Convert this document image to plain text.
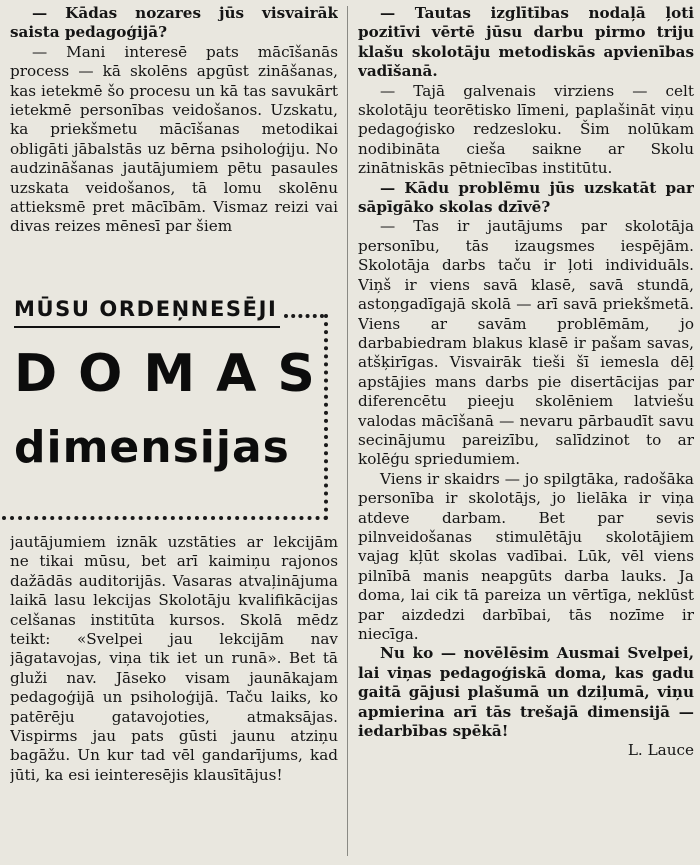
— Kādas nozares jūs visvairāk saista pedagoģijā?

— Mani interesē pats mācīšanās process — kā skolēns apgūst zināšanas, kas ietekmē šo procesu un kā tas savukārt ietekmē personības veidošanos. Uzskatu, ka priekšmetu mācīšanas metodikai obligāti jābalstās uz bērna psiholoģiju. No audzināšanas jautājumiem pētu pasaules uzskata veidošanos, tā lomu skolēnu attieksmē pret mācībām. Vismaz reizi vai divas reizes mēnesī par šiem

MŪSU ORDEŅNESĒJI
DOMAS
dimensijas

jautājumiem iznāk uzstāties ar lekcijām ne tikai mūsu, bet arī kaimiņu rajonos dažādās auditorijās. Vasaras atvaļinājuma laikā lasu lekcijas Skolotāju kvalifikācijas celšanas institūta kursos. Skolā mēdz teikt: «Svelpei jau lekcijām nav jāgatavojas, viņa tik iet un runā». Bet tā gluži nav. Jāseko visam jaunākajam pedagoģijā un psiholoģijā. Taču laiks, ko patērēju gatavojoties, atmaksājas. Vispirms jau pats gūsti jaunu atziņu bagāžu. Un kur tad vēl gandarījums, kad jūti, ka esi ieinteresējis klausītājus!

— Tautas izglītības nodaļā ļoti pozitīvi vērtē jūsu darbu pirmo triju klašu skolotāju metodiskās apvienības vadīšanā.

— Tajā galvenais virziens — celt skolotāju teorētisko līmeni, paplašināt viņu pedagoģisko redzesloku. Šim nolūkam nodibināta cieša saikne ar Skolu zinātniskās pētniecības institūtu.

— Kādu problēmu jūs uzskatāt par sāpīgāko skolas dzīvē?

— Tas ir jautājums par skolotāja personību, tās izaugsmes iespējām. Skolotāja darbs taču ir ļoti individuāls. Viņš ir viens savā klasē, savā stundā, astoņgadīgajā skolā — arī savā priekšmetā. Viens ar savām problēmām, jo darbabiedram blakus klasē ir pašam savas, atšķirīgas. Visvairāk tieši šī iemesla dēļ apstājies mans darbs pie disertācijas par diferencētu pieeju skolēniem latviešu valodas mācīšanā — nevaru pārbaudīt savu secinājumu pareizību, salīdzinot to ar kolēģu spriedumiem.

Viens ir skaidrs — jo spilgtāka, radošāka personība ir skolotājs, jo lielāka ir viņa atdeve darbam. Bet par sevis pilnveidošanas stimulētāju skolotājiem vajag kļūt skolas vadībai. Lūk, vēl viens pilnībā manis neapgūts darba lauks. Ja doma, lai cik tā pareiza un vērtīga, neklūst par aizdedzi darbībai, tās nozīme ir niecīga.

Nu ko — novēlēsim Ausmai Svelpei, lai viņas pedagoģiskā doma, kas gadu gaitā gājusi plašumā un dziļumā, viņu apmierina arī tās trešajā dimensijā — iedarbības spēkā!

L. Lauce
